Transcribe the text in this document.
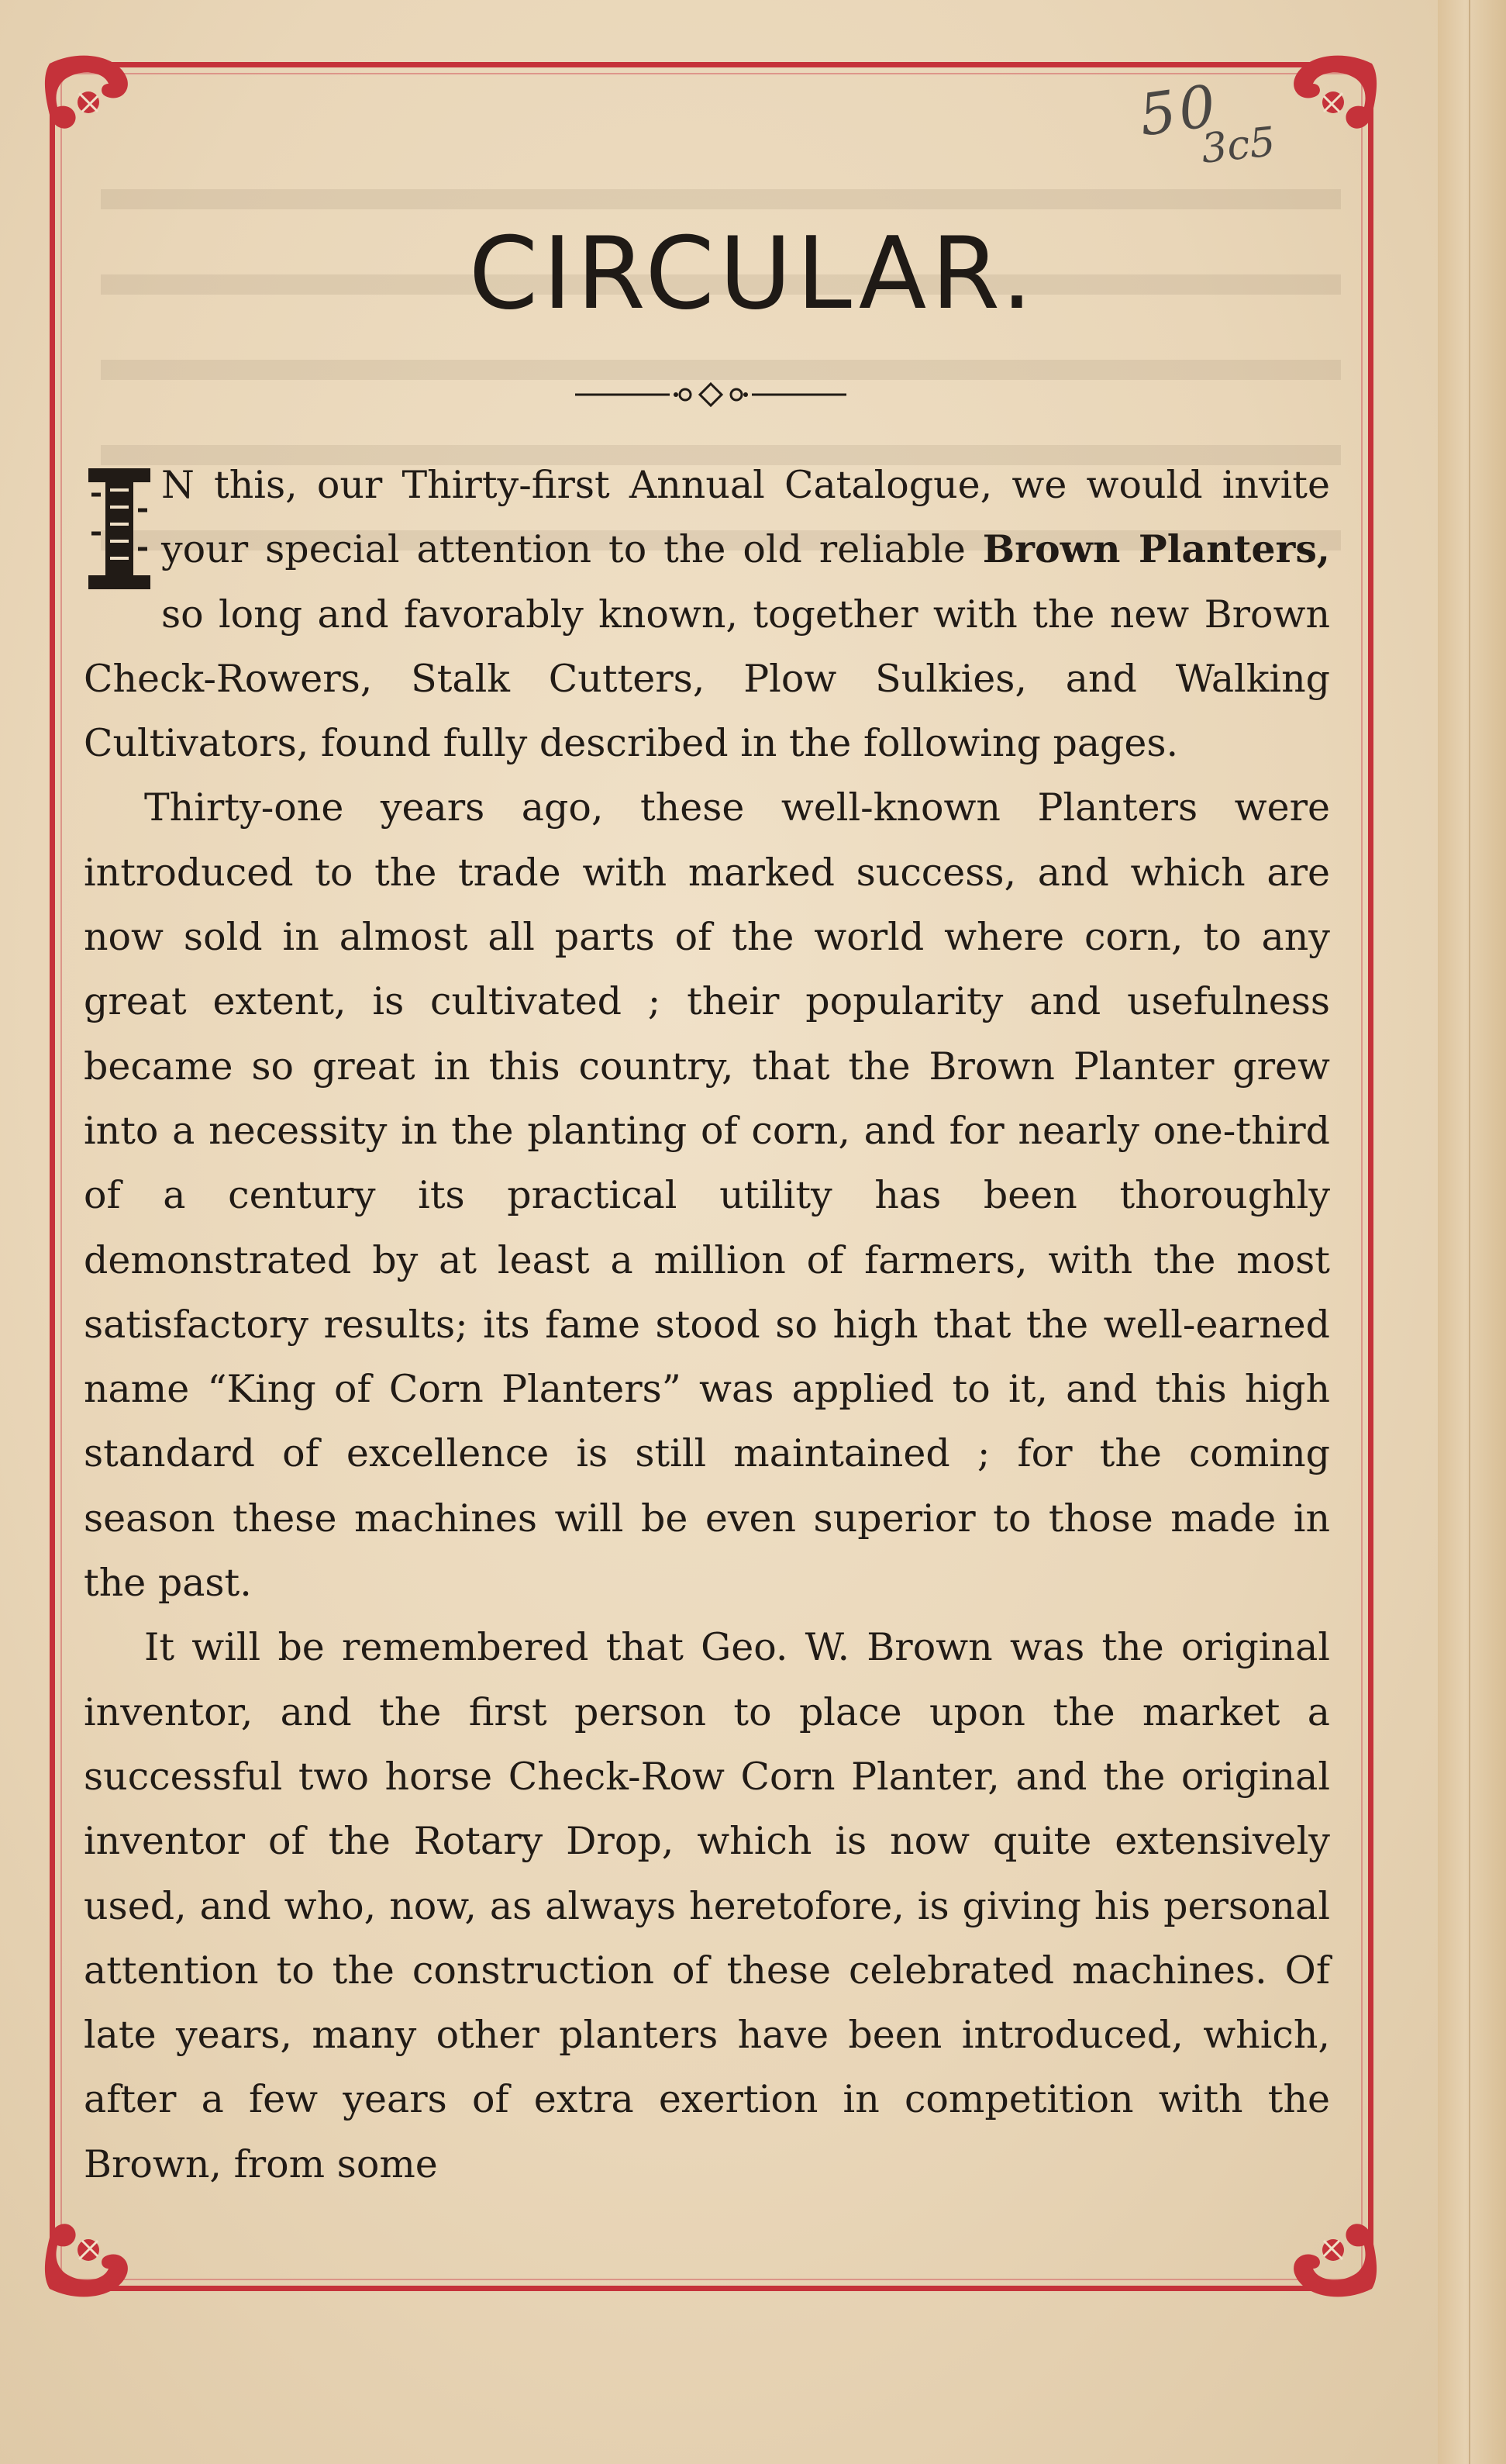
50
3c5
CIRCULAR.

N this, our Thirty-first Annual Catalogue, we would invite your special attention to the old reliable Brown Planters, so long and favorably known, together with the new Brown Check-Rowers, Stalk Cutters, Plow Sulkies, and Walking Cultivators, found fully described in the following pages.

Thirty-one years ago, these well-known Planters were introduced to the trade with marked success, and which are now sold in almost all parts of the world where corn, to any great extent, is cultivated ; their popularity and usefulness became so great in this country, that the Brown Planter grew into a necessity in the planting of corn, and for nearly one-third of a century its practical utility has been thoroughly demonstrated by at least a million of farmers, with the most satisfactory results; its fame stood so high that the well-earned name “King of Corn Planters” was applied to it, and this high standard of excellence is still maintained ; for the coming season these machines will be even superior to those made in the past.

It will be remembered that Geo. W. Brown was the original inventor, and the first person to place upon the market a successful two horse Check-Row Corn Planter, and the original inventor of the Rotary Drop, which is now quite extensively used, and who, now, as always heretofore, is giving his personal attention to the construction of these celebrated machines. Of late years, many other planters have been introduced, which, after a few years of extra exertion in competition with the Brown, from some
